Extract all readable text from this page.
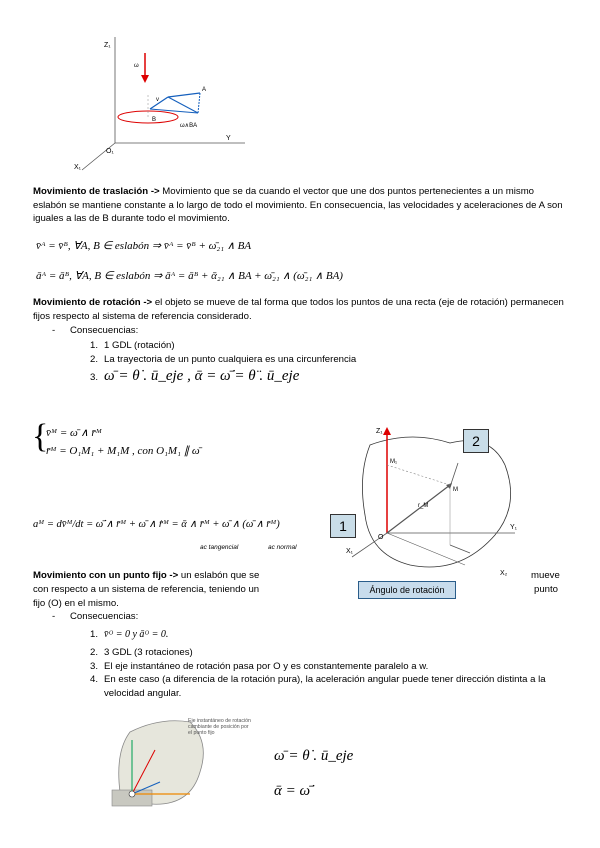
Z₁
Y
X₁
O₁
ω
v
A
B
ω∧BA
Movimiento de traslación -> Movimiento que se da cuando el vector que une dos puntos pertenecientes a un mismo eslabón se mantiene constante a lo largo de todo el movimiento. En consecuencia, las velocidades y aceleraciones de A son iguales a las de B durante todo el movimiento.
v̄ᴬ = v̄ᴮ, ∀A, B ∈ eslabón ⇒ v̄ᴬ = v̄ᴮ + ω̄₂₁ ∧ BA
āᴬ = āᴮ, ∀A, B ∈ eslabón ⇒ āᴬ = āᴮ + ᾱ₂₁ ∧ BA + ω̄₂₁ ∧ (ω̄₂₁ ∧ BA)
Movimiento de rotación -> el objeto se mueve de tal forma que todos los puntos de una recta (eje de rotación) permanecen fijos respecto al sistema de referencia considerado.
- Consecuencias:
1. 1 GDL (rotación)
2. La trayectoria de un punto cualquiera es una circunferencia
3. ω̄ = θ̇ . ū_eje , ᾱ = ω̄̇ = θ̈ . ū_eje
{
v̄ᴹ = ω̄ ∧ r̄ᴹ
r̄ᴹ = O₁M₁ + M₁M , con O₁M₁ ∥ ω̄
aᴹ = dv̄ᴹ/dt = ω̄̇ ∧ r̄ᴹ + ω̄ ∧ r̄̇ᴹ = ᾱ ∧ r̄ᴹ + ω̄ ∧ (ω̄ ∧ r̄ᴹ)
ac tangencial	ac normal
1
Z₁
M₁
M
O
Y₁
X₁
X₂
r_M
2
Ángulo de rotación
Movimiento con un punto fijo -> un eslabón que se	mueve
con respecto a un sistema de referencia, teniendo un	punto
fijo (O) en el mismo.
- Consecuencias:
1. v̄ᴼ = 0 y āᴼ = 0.
2. 3 GDL (3 rotaciones)
3. El eje instantáneo de rotación pasa por O y es constantemente paralelo a w.
4. En este caso (a diferencia de la rotación pura), la aceleración angular puede tener dirección distinta a la velocidad angular.
Eje instantáneo de rotación cambiante de posición por el punto fijo
ω̄ = θ̇ . ū_eje
ᾱ = ω̄̇
